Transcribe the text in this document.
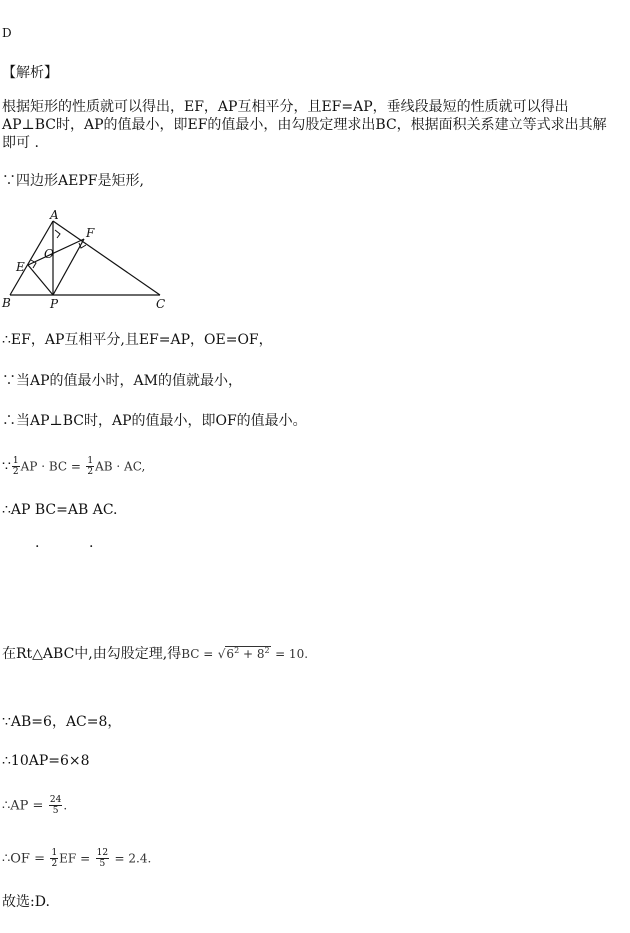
D
【解析】
根据矩形的性质就可以得出，EF，AP互相平分，且EF=AP，垂线段最短的性质就可以得出AP⊥BC时，AP的值最小，即EF的值最小，由勾股定理求出BC，根据面积关系建立等式求出其解即可 .
∵四边形AEPF是矩形,
A
F
O
E
B	P	C
∴EF，AP互相平分,且EF=AP，OE=OF，
∵当AP的值最小时，AM的值就最小，
∴当AP⊥BC时，AP的值最小，即OF的值最小。
∵ $\frac{1}{2}$ AP · BC = $\frac{1}{2}$ AB · AC,
∴AP BC=AB AC.
.	.
在Rt△ABC中,由勾股定理,得BC = $√6^2 + 8^2 = 10$.
∵AB=6，AC=8，
∴10AP=6×8
∴AP = $\frac{24}{5}$ .
∴OF = $\frac{1}{2}$ EF = $\frac{12}{5} = 2.4$.
故选:D.
